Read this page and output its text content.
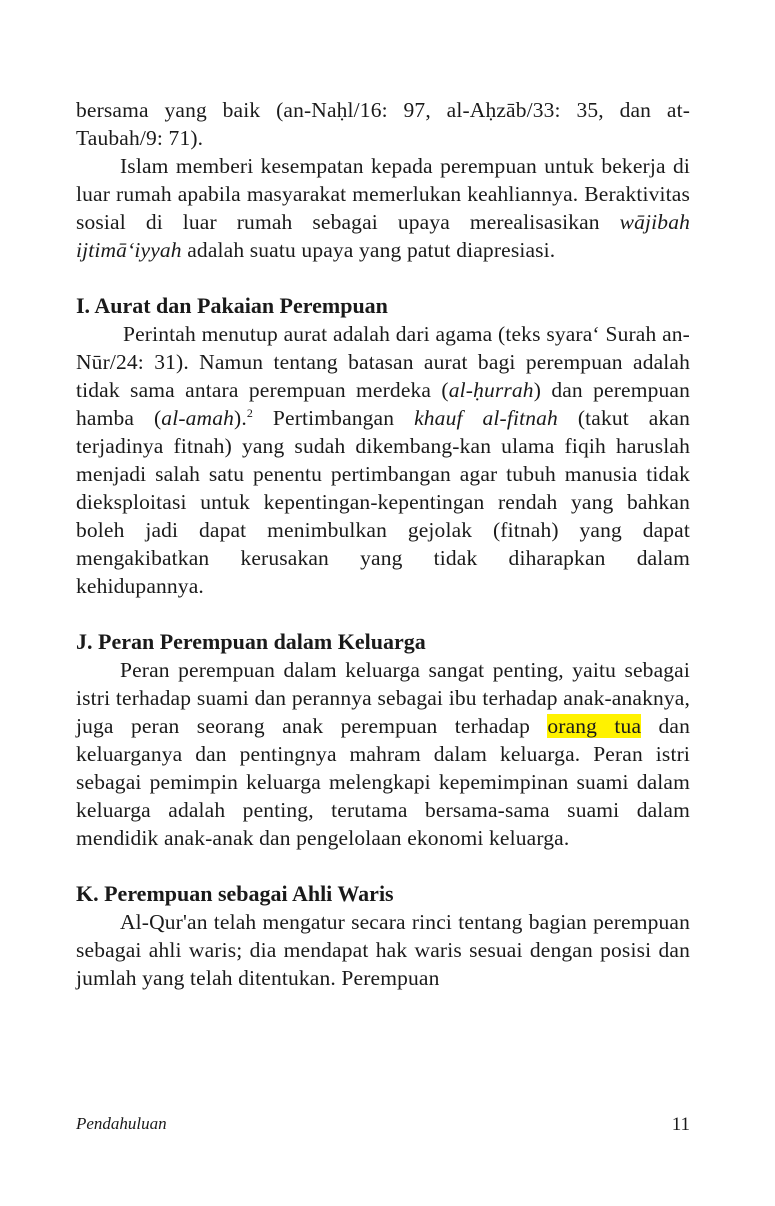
bersama yang baik (an-Naḥl/16: 97, al-Aḥzāb/33: 35, dan at-Taubah/9: 71).

Islam memberi kesempatan kepada perempuan untuk bekerja di luar rumah apabila masyarakat memerlukan keahliannya. Beraktivitas sosial di luar rumah sebagai upaya merealisasikan wājibah ijtimā‘iyyah adalah suatu upaya yang patut diapresiasi.

I. Aurat dan Pakaian Perempuan

Perintah menutup aurat adalah dari agama (teks syara‘ Surah an-Nūr/24: 31). Namun tentang batasan aurat bagi perempuan adalah tidak sama antara perempuan merdeka (al-ḥurrah) dan perempuan hamba (al-amah).$^2$ Pertimbangan khauf al-fitnah (takut akan terjadinya fitnah) yang sudah dikembang-kan ulama fiqih haruslah menjadi salah satu penentu pertimbangan agar tubuh manusia tidak dieksploitasi untuk kepentingan-kepentingan rendah yang bahkan boleh jadi dapat menimbulkan gejolak (fitnah) yang dapat mengakibatkan kerusakan yang tidak diharapkan dalam kehidupannya.

J. Peran Perempuan dalam Keluarga

Peran perempuan dalam keluarga sangat penting, yaitu sebagai istri terhadap suami dan perannya sebagai ibu terhadap anak-anaknya, juga peran seorang anak perempuan terhadap orang tua dan keluarganya dan pentingnya mahram dalam keluarga. Peran istri sebagai pemimpin keluarga melengkapi kepemimpinan suami dalam keluarga adalah penting, terutama bersama-sama suami dalam mendidik anak-anak dan pengelolaan ekonomi keluarga.

K. Perempuan sebagai Ahli Waris

Al-Qur'an telah mengatur secara rinci tentang bagian perempuan sebagai ahli waris; dia mendapat hak waris sesuai dengan posisi dan jumlah yang telah ditentukan. Perempuan

Pendahuluan	11
